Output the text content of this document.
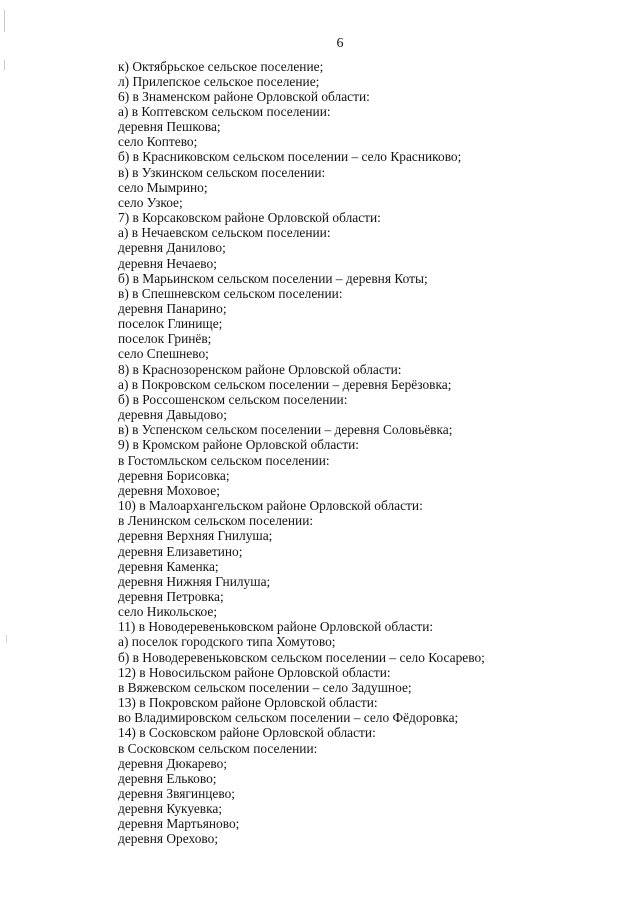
6
к) Октябрьское сельское поселение;
л) Прилепское сельское поселение;
6) в Знаменском районе Орловской области:
а) в Коптевском сельском поселении:
деревня Пешкова;
село Коптево;
б) в Красниковском сельском поселении – село Красниково;
в) в Узкинском сельском поселении:
село Мымрино;
село Узкое;
7) в Корсаковском районе Орловской области:
а) в Нечаевском сельском поселении:
деревня Данилово;
деревня Нечаево;
б) в Марьинском сельском поселении – деревня Коты;
в) в Спешневском сельском поселении:
деревня Панарино;
поселок Глинище;
поселок Гринёв;
село Спешнево;
8) в Краснозоренском районе Орловской области:
а) в Покровском сельском поселении – деревня Берёзовка;
б) в Россошенском сельском поселении:
деревня Давыдово;
в) в Успенском сельском поселении – деревня Соловьёвка;
9) в Кромском районе Орловской области:
в Гостомльском сельском поселении:
деревня Борисовка;
деревня Моховое;
10) в Малоархангельском районе Орловской области:
в Ленинском сельском поселении:
деревня Верхняя Гнилуша;
деревня Елизаветино;
деревня Каменка;
деревня Нижняя Гнилуша;
деревня Петровка;
село Никольское;
11) в Новодеревеньковском районе Орловской области:
а) поселок городского типа Хомутово;
б) в Новодеревеньковском сельском поселении – село Косарево;
12) в Новосильском районе Орловской области:
в Вяжевском сельском поселении – село Задушное;
13) в Покровском районе Орловской области:
во Владимировском сельском поселении – село Фёдоровка;
14) в Сосковском районе Орловской области:
в Сосковском сельском поселении:
деревня Дюкарево;
деревня Ельково;
деревня Звягинцево;
деревня Кукуевка;
деревня Мартьяново;
деревня Орехово;
